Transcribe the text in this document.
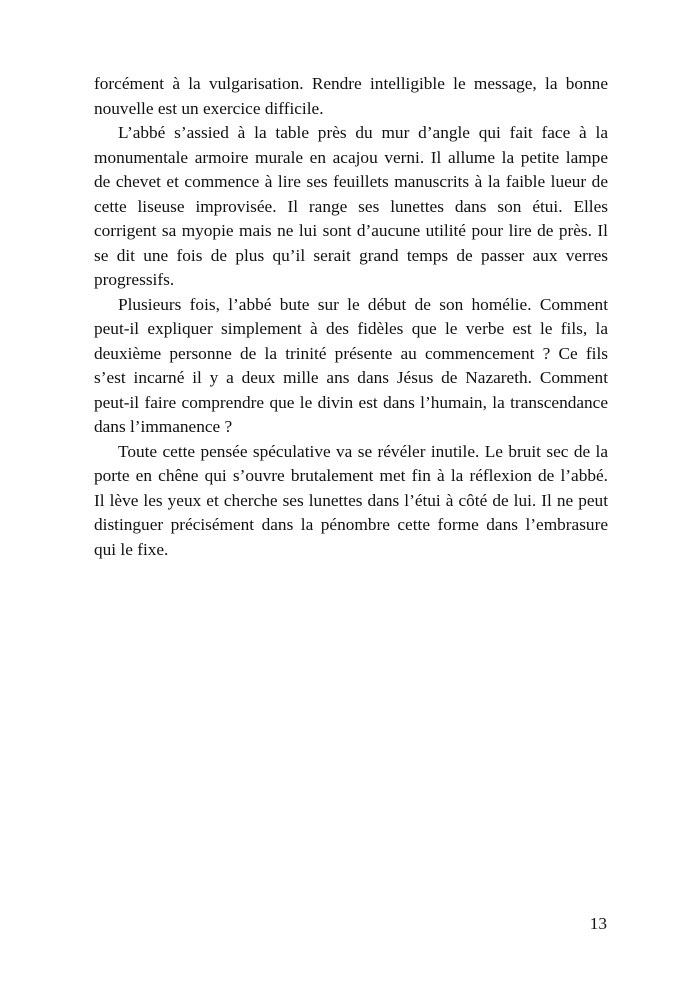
forcément à la vulgarisation. Rendre intelligible le message, la bonne
nouvelle est un exercice difficile.
L’abbé s’assied à la table près du mur d’angle qui fait face à la
monumentale armoire murale en acajou verni. Il allume la petite lampe
de chevet et commence à lire ses feuillets manuscrits à la faible lueur de
cette liseuse improvisée. Il range ses lunettes dans son étui. Elles
corrigent sa myopie mais ne lui sont d’aucune utilité pour lire de près. Il
se dit une fois de plus qu’il serait grand temps de passer aux verres
progressifs.
Plusieurs fois, l’abbé bute sur le début de son homélie. Comment
peut-il expliquer simplement à des fidèles que le verbe est le fils, la
deuxième personne de la trinité présente au commencement ? Ce fils
s’est incarné il y a deux mille ans dans Jésus de Nazareth. Comment
peut-il faire comprendre que le divin est dans l’humain, la transcendance
dans l’immanence ?
Toute cette pensée spéculative va se révéler inutile. Le bruit sec de la
porte en chêne qui s’ouvre brutalement met fin à la réflexion de l’abbé.
Il lève les yeux et cherche ses lunettes dans l’étui à côté de lui. Il ne peut
distinguer précisément dans la pénombre cette forme dans l’embrasure
qui le fixe.
13
